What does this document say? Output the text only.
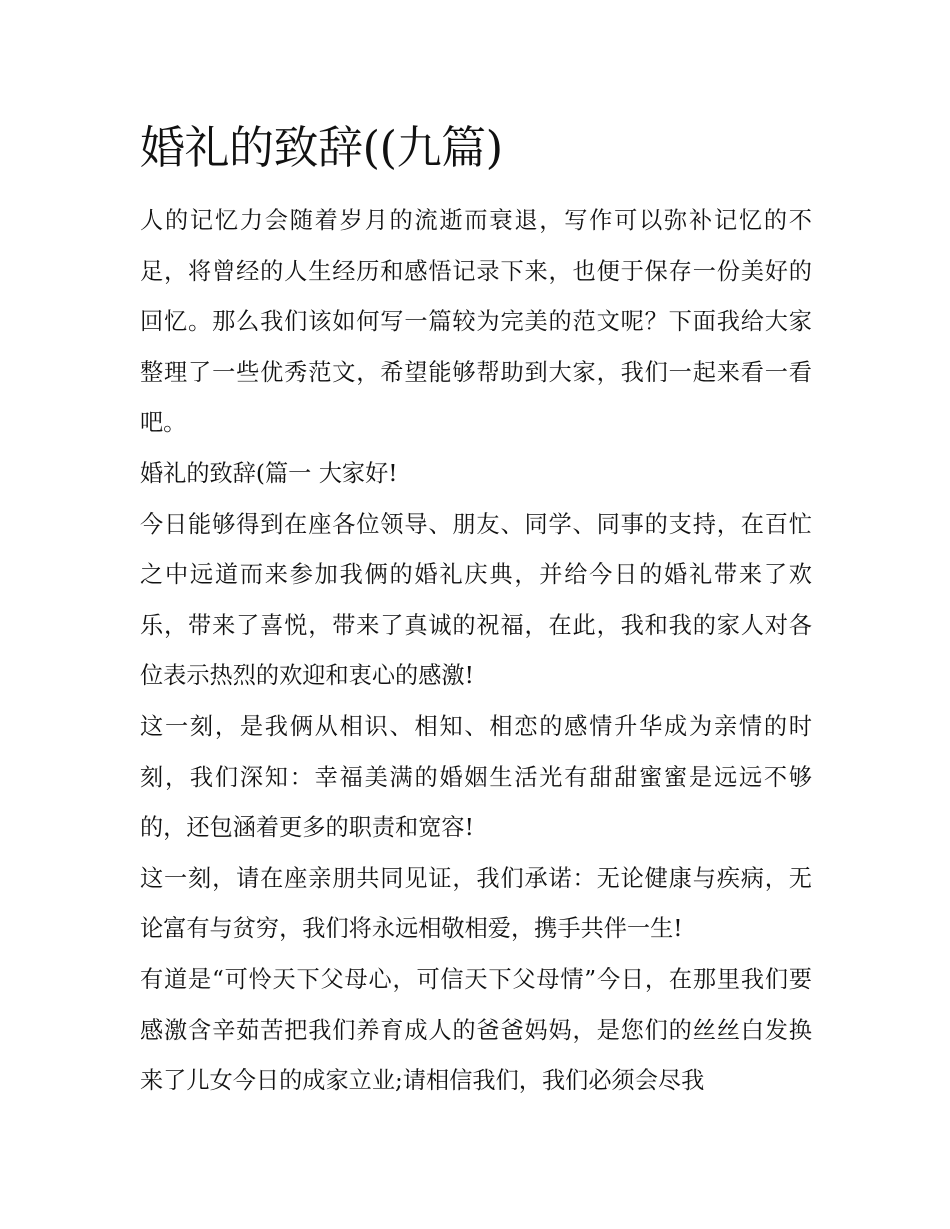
婚礼的致辞((九篇)

人的记忆力会随着岁月的流逝而衰退，写作可以弥补记忆的不足，将曾经的人生经历和感悟记录下来，也便于保存一份美好的回忆。那么我们该如何写一篇较为完美的范文呢？下面我给大家整理了一些优秀范文，希望能够帮助到大家，我们一起来看一看吧。

婚礼的致辞(篇一 大家好!

今日能够得到在座各位领导、朋友、同学、同事的支持，在百忙之中远道而来参加我俩的婚礼庆典，并给今日的婚礼带来了欢乐，带来了喜悦，带来了真诚的祝福，在此，我和我的家人对各位表示热烈的欢迎和衷心的感激!

这一刻，是我俩从相识、相知、相恋的感情升华成为亲情的时刻，我们深知：幸福美满的婚姻生活光有甜甜蜜蜜是远远不够的，还包涵着更多的职责和宽容!

这一刻，请在座亲朋共同见证，我们承诺：无论健康与疾病，无论富有与贫穷，我们将永远相敬相爱，携手共伴一生!

有道是“可怜天下父母心，可信天下父母情”今日，在那里我们要感激含辛茹苦把我们养育成人的爸爸妈妈，是您们的丝丝白发换来了儿女今日的成家立业;请相信我们，我们必须会尽我
